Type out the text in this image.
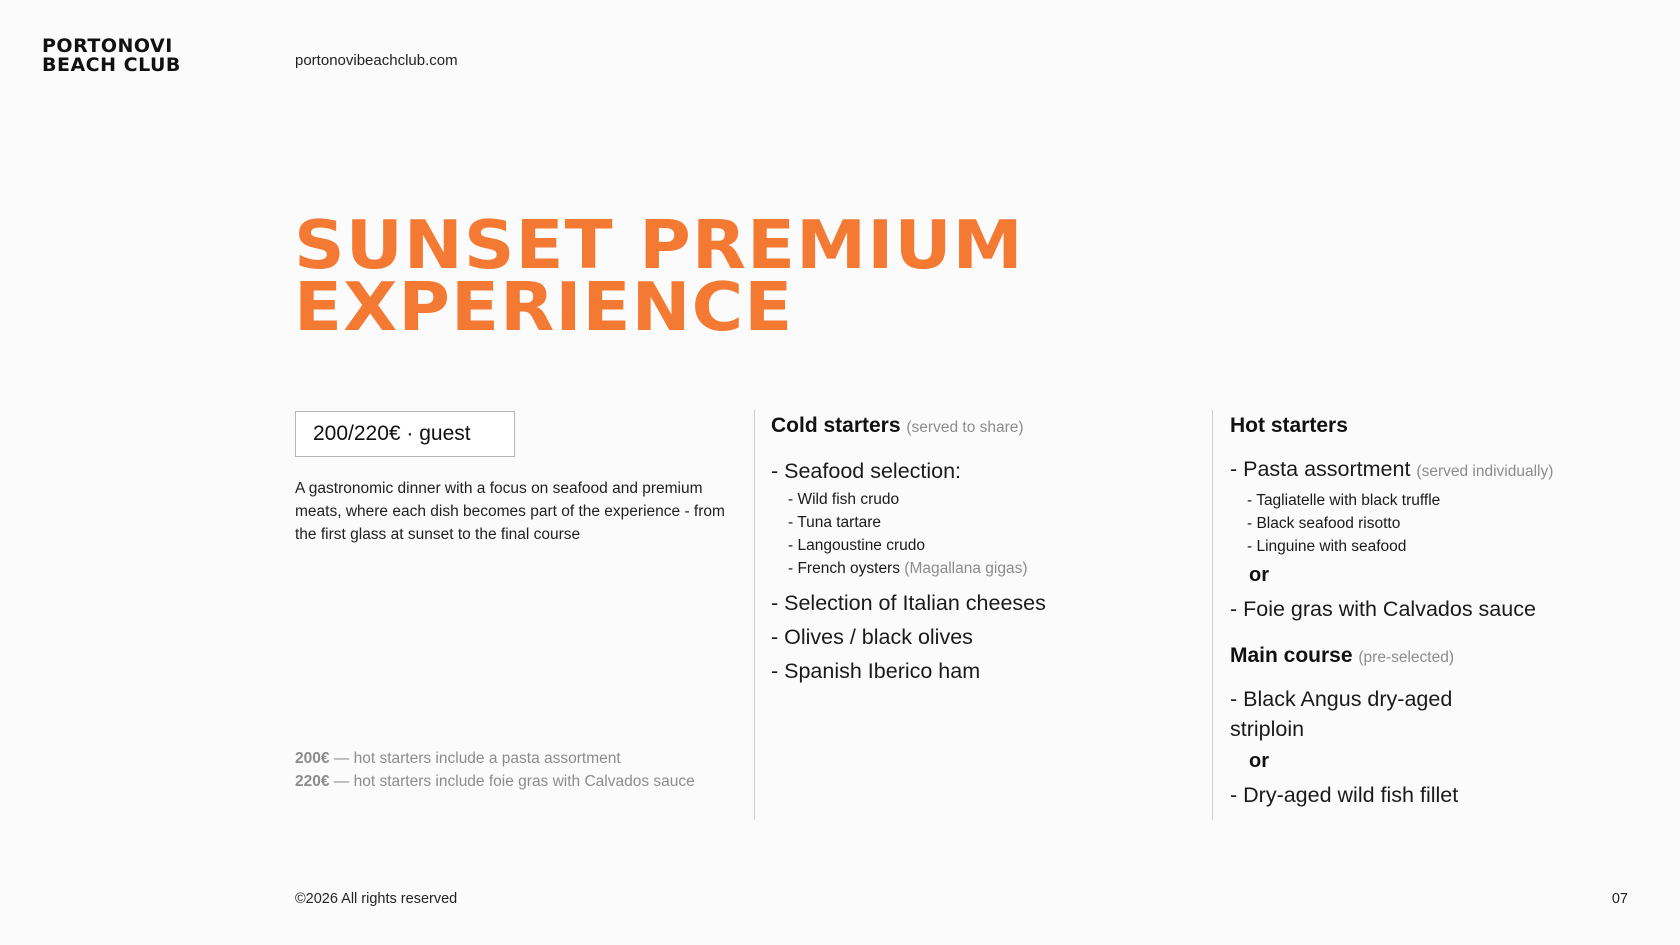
PORTONOVI
BEACH CLUB	portonovibeachclub.com
SUNSET PREMIUM
EXPERIENCE
200/220€ · guest
A gastronomic dinner with a focus on seafood and premium meats, where each dish becomes part of the experience - from the first glass at sunset to the final course
200€ — hot starters include a pasta assortment
220€ — hot starters include foie gras with Calvados sauce
Cold starters (served to share)
- Seafood selection:
- Wild fish crudo
- Tuna tartare
- Langoustine crudo
- French oysters (Magallana gigas)
- Selection of Italian cheeses
- Olives / black olives
- Spanish Iberico ham
Hot starters
- Pasta assortment (served individually)
- Tagliatelle with black truffle
- Black seafood risotto
- Linguine with seafood
or
- Foie gras with Calvados sauce
Main course (pre-selected)
- Black Angus dry-aged striploin
or
- Dry-aged wild fish fillet
©2026 All rights reserved	07
